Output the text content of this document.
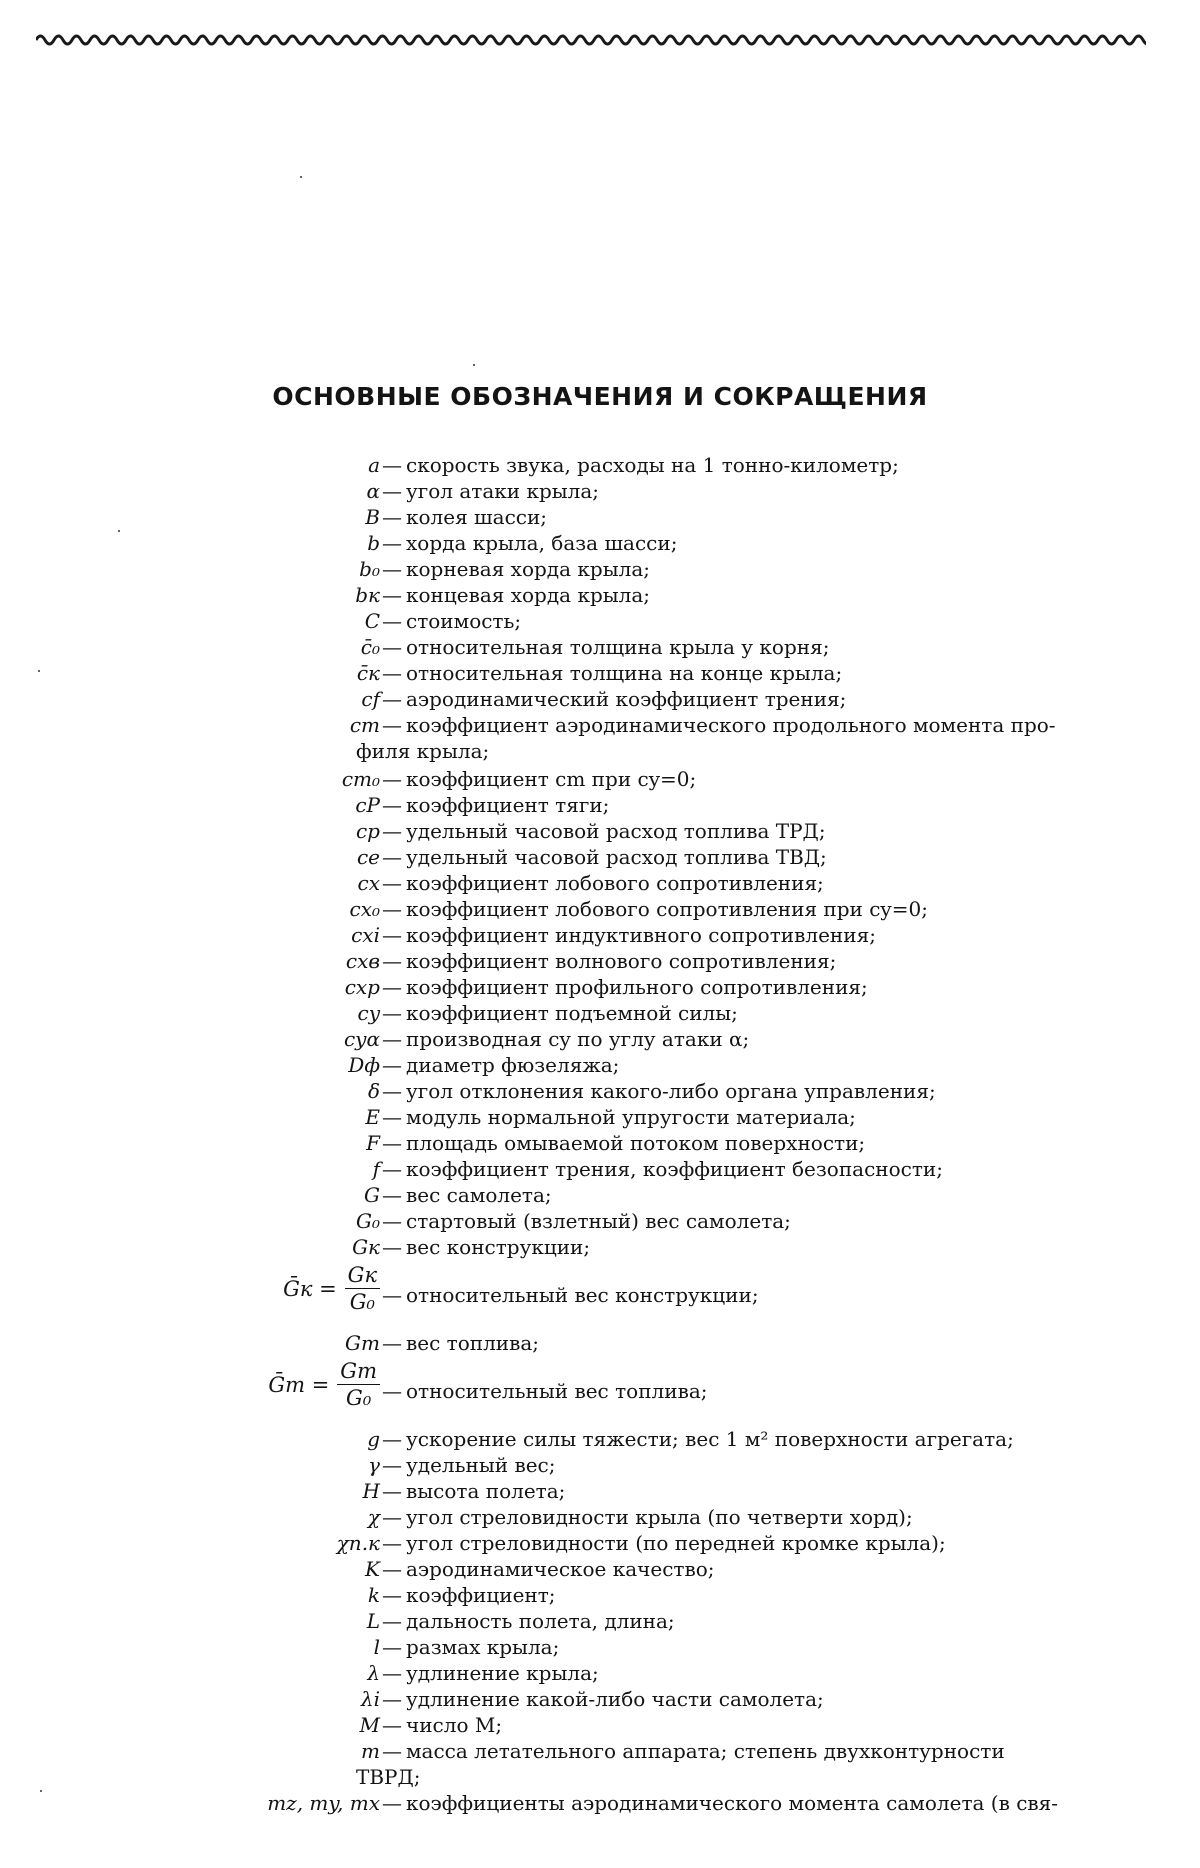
ОСНОВНЫЕ ОБОЗНАЧЕНИЯ И СОКРАЩЕНИЯ
a — скорость звука, расходы на 1 тонно-километр;
α — угол атаки крыла;
B — колея шасси;
b — хорда крыла, база шасси;
b₀ — корневая хорда крыла;
bк — концевая хорда крыла;
C — стоимость;
c̄₀ — относительная толщина крыла у корня;
c̄к — относительная толщина на конце крыла;
cf — аэродинамический коэффициент трения;
cm — коэффициент аэродинамического продольного момента про-
филя крыла;
cm₀ — коэффициент cm при cy=0;
cP — коэффициент тяги;
cр — удельный часовой расход топлива ТРД;
cе — удельный часовой расход топлива ТВД;
cx — коэффициент лобового сопротивления;
cx₀ — коэффициент лобового сопротивления при cy=0;
cxi — коэффициент индуктивного сопротивления;
cxв — коэффициент волнового сопротивления;
cxp — коэффициент профильного сопротивления;
cy — коэффициент подъемной силы;
cyα — производная cy по углу атаки α;
Dф — диаметр фюзеляжа;
δ — угол отклонения какого-либо органа управления;
E — модуль нормальной упругости материала;
F — площадь омываемой потоком поверхности;
f — коэффициент трения, коэффициент безопасности;
G — вес самолета;
G₀ — стартовый (взлетный) вес самолета;
Gк — вес конструкции;
Ḡк = $\frac{Gк}{\text{G₀}}$ — относительный вес конструкции;
Gт — вес топлива;
Ḡт = $\frac{Gт}{\text{G₀}}$ — относительный вес топлива;
g — ускорение силы тяжести; вес 1 м² поверхности агрегата;
γ — удельный вес;
H — высота полета;
χ — угол стреловидности крыла (по четверти хорд);
χп.к — угол стреловидности (по передней кромке крыла);
K — аэродинамическое качество;
k — коэффициент;
L — дальность полета, длина;
l — размах крыла;
λ — удлинение крыла;
λi — удлинение какой-либо части самолета;
M — число M;
m — масса летательного аппарата; степень двухконтурности
ТВРД;
mz, my, mx — коэффициенты аэродинамического момента самолета (в свя-
